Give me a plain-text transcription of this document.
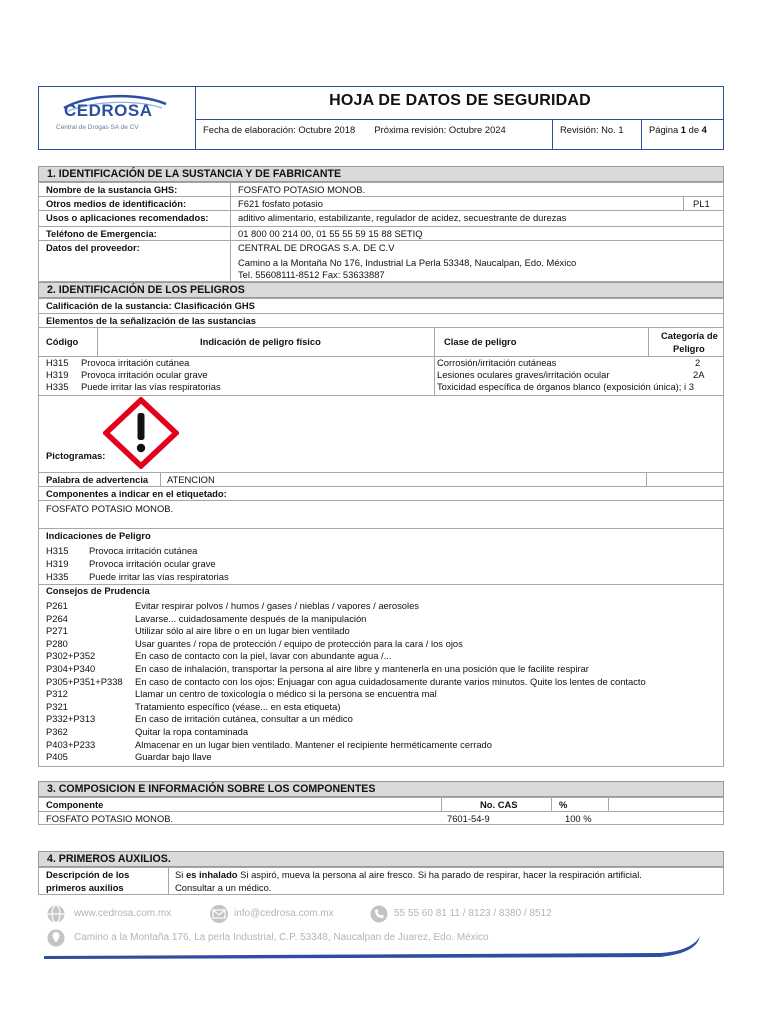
CEDROSA
Central de Drogas SA de CV
HOJA DE DATOS DE SEGURIDAD
Fecha de elaboración: Octubre 2018 Próxima revisión: Octubre 2024	Revisión: No. 1	Página 1 de 4
1. IDENTIFICACIÓN DE LA SUSTANCIA Y DE FABRICANTE
Nombre de la sustancia GHS:	FOSFATO POTASIO MONOB.
Otros medios de identificación:	F621 fosfato potasio	PL1
Usos o aplicaciones recomendados:	aditivo alimentario, estabilizante, regulador de acidez, secuestrante de durezas
Teléfono de Emergencia:	01 800 00 214 00, 01 55 55 59 15 88 SETIQ
Datos del proveedor:	CENTRAL DE DROGAS S.A. DE C.V
Camino a la Montaña No 176, Industrial La Perla 53348, Naucalpan, Edo. México
Tel. 55608111-8512 Fax: 53633887
2. IDENTIFICACIÓN DE LOS PELIGROS
Calificación de la sustancia: Clasificación GHS
Elementos de la señalización de las sustancias
Código	Indicación de peligro físico	Clase de peligro
Categoría de
Peligro
H315 Provoca irritación cutánea	Corrosión/irritación cutáneas	2
H319 Provoca irritación ocular grave	Lesiones oculares graves/irritación ocular	2A
H335 Puede irritar las vías respiratorias	Toxicidad específica de órganos blanco (exposición única); i 3
Pictogramas:
Palabra de advertencia ATENCION
Componentes a indicar en el etiquetado:
FOSFATO POTASIO MONOB.
Indicaciones de Peligro
H315 Provoca irritación cutánea
H319 Provoca irritación ocular grave
H335 Puede irritar las vías respiratorias
Consejos de Prudencia
P261	Evitar respirar polvos / humos / gases / nieblas / vapores / aerosoles
P264	Lavarse... cuidadosamente después de la manipulación
P271	Utilizar sólo al aire libre o en un lugar bien ventilado
P280	Usar guantes / ropa de protección / equipo de protección para la cara / los ojos
P302+P352	En caso de contacto con la piel, lavar con abundante agua /...
P304+P340	En caso de inhalación, transportar la persona al aire libre y mantenerla en una posición que le facilite respirar
P305+P351+P338 En caso de contacto con los ojos: Enjuagar con agua cuidadosamente durante varios minutos. Quite los lentes de contacto
P312	Llamar un centro de toxicología o médico si la persona se encuentra mal
P321	Tratamiento específico (véase... en esta etiqueta)
P332+P313	En caso de irritación cutánea, consultar a un médico
P362	Quitar la ropa contaminada
P403+P233	Almacenar en un lugar bien ventilado. Mantener el recipiente herméticamente cerrado
P405	Guardar bajo llave
3. COMPOSICION E INFORMACIÓN SOBRE LOS COMPONENTES
Componente	No. CAS	%
FOSFATO POTASIO MONOB.	7601-54-9	100 %
4. PRIMEROS AUXILIOS.
Descripción de los
primeros auxilios
Si es inhalado Si aspiró, mueva la persona al aire fresco. Si ha parado de respirar, hacer la respiración artificial.
Consultar a un médico.
www.cedrosa.com.mx	info@cedrosa.com.mx	55 55 60 81 11 / 8123 / 8380 / 8512
Camino a la Montaña 176, La perla Industrial, C.P. 53348, Naucalpan de Juarez, Edo. México
